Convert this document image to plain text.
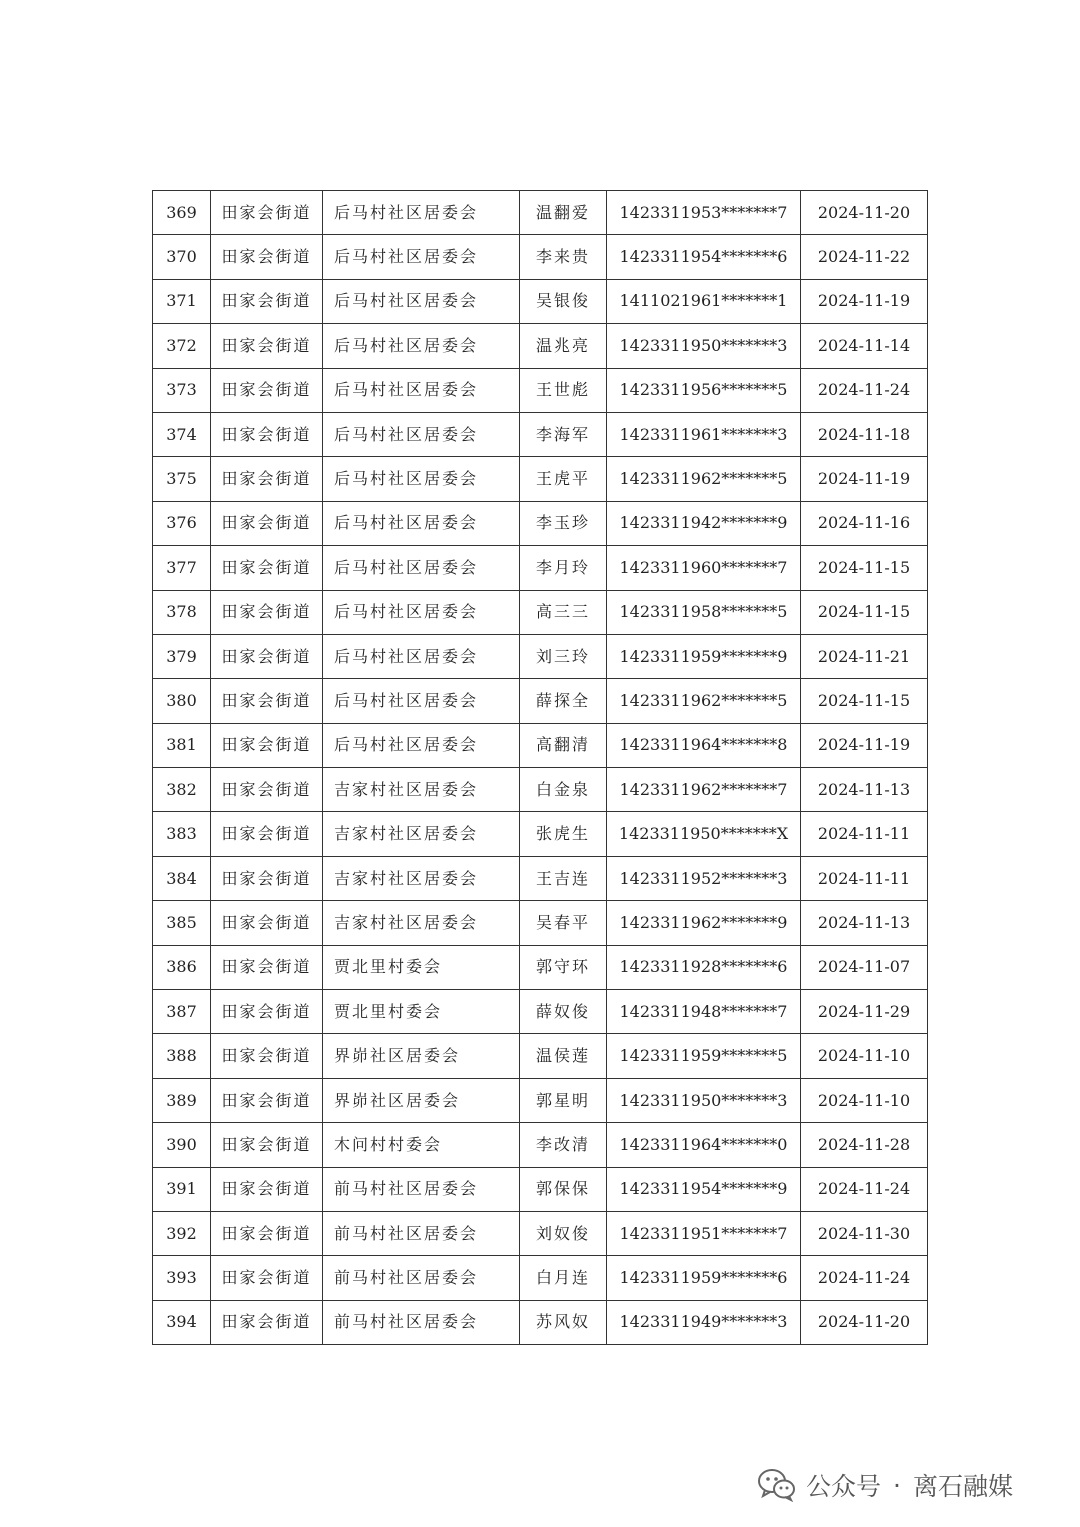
369	田家会街道	后马村社区居委会	温翻爱	1423311953*******7	2024-11-20
370	田家会街道	后马村社区居委会	李来贵	1423311954*******6	2024-11-22
371	田家会街道	后马村社区居委会	吴银俊	1411021961*******1	2024-11-19
372	田家会街道	后马村社区居委会	温兆亮	1423311950*******3	2024-11-14
373	田家会街道	后马村社区居委会	王世彪	1423311956*******5	2024-11-24
374	田家会街道	后马村社区居委会	李海军	1423311961*******3	2024-11-18
375	田家会街道	后马村社区居委会	王虎平	1423311962*******5	2024-11-19
376	田家会街道	后马村社区居委会	李玉珍	1423311942*******9	2024-11-16
377	田家会街道	后马村社区居委会	李月玲	1423311960*******7	2024-11-15
378	田家会街道	后马村社区居委会	高三三	1423311958*******5	2024-11-15
379	田家会街道	后马村社区居委会	刘三玲	1423311959*******9	2024-11-21
380	田家会街道	后马村社区居委会	薛探全	1423311962*******5	2024-11-15
381	田家会街道	后马村社区居委会	高翻清	1423311964*******8	2024-11-19
382	田家会街道	吉家村社区居委会	白金泉	1423311962*******7	2024-11-13
383	田家会街道	吉家村社区居委会	张虎生	1423311950*******X	2024-11-11
384	田家会街道	吉家村社区居委会	王吉连	1423311952*******3	2024-11-11
385	田家会街道	吉家村社区居委会	吴春平	1423311962*******9	2024-11-13
386	田家会街道	贾北里村委会	郭守环	1423311928*******6	2024-11-07
387	田家会街道	贾北里村委会	薛奴俊	1423311948*******7	2024-11-29
388	田家会街道	界峁社区居委会	温侯莲	1423311959*******5	2024-11-10
389	田家会街道	界峁社区居委会	郭星明	1423311950*******3	2024-11-10
390	田家会街道	木问村村委会	李改清	1423311964*******0	2024-11-28
391	田家会街道	前马村社区居委会	郭保保	1423311954*******9	2024-11-24
392	田家会街道	前马村社区居委会	刘奴俊	1423311951*******7	2024-11-30
393	田家会街道	前马村社区居委会	白月连	1423311959*******6	2024-11-24
394	田家会街道	前马村社区居委会	苏风奴	1423311949*******3	2024-11-20
公众号 · 离石融媒
